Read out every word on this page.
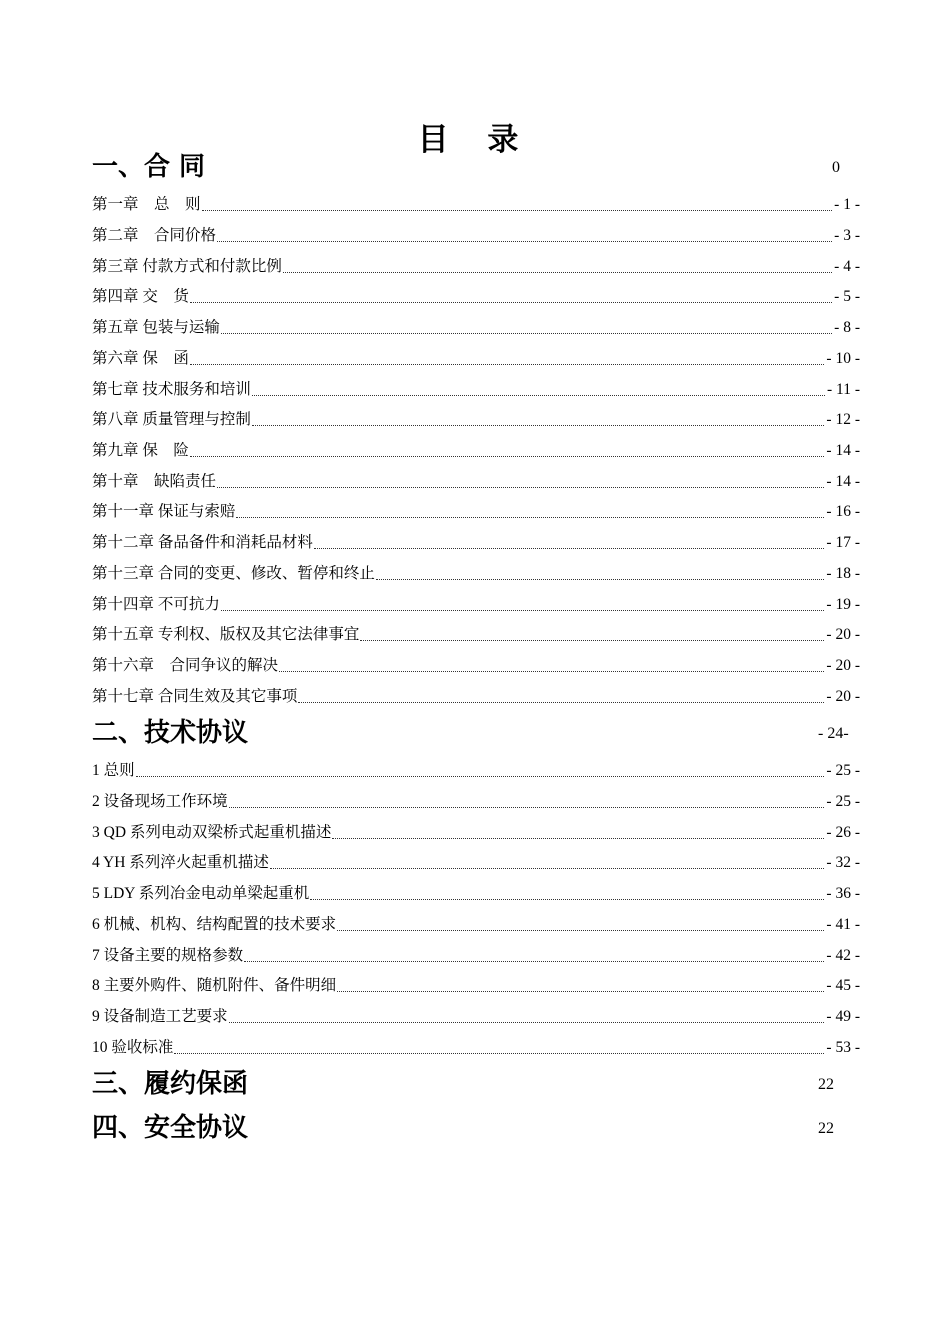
目 录
一、合 同	0
第一章　总　则	- 1 -
第二章　合同价格	- 3 -
第三章 付款方式和付款比例	- 4 -
第四章 交　货	- 5 -
第五章 包装与运输	- 8 -
第六章 保　函	- 10 -
第七章 技术服务和培训	- 11 -
第八章 质量管理与控制	- 12 -
第九章 保　险	- 14 -
第十章　缺陷责任	- 14 -
第十一章 保证与索赔	- 16 -
第十二章 备品备件和消耗品材料	- 17 -
第十三章 合同的变更、修改、暂停和终止	- 18 -
第十四章 不可抗力	- 19 -
第十五章 专利权、版权及其它法律事宜	- 20 -
第十六章　合同争议的解决	- 20 -
第十七章 合同生效及其它事项	- 20 -
二、技术协议	- 24-
1 总则	- 25 -
2 设备现场工作环境	- 25 -
3 QD 系列电动双梁桥式起重机描述	- 26 -
4 YH 系列淬火起重机描述	- 32 -
5 LDY 系列冶金电动单梁起重机	- 36 -
6 机械、机构、结构配置的技术要求	- 41 -
7 设备主要的规格参数	- 42 -
8 主要外购件、随机附件、备件明细	- 45 -
9 设备制造工艺要求	- 49 -
10 验收标准	- 53 -
三、履约保函	22
四、安全协议	22
